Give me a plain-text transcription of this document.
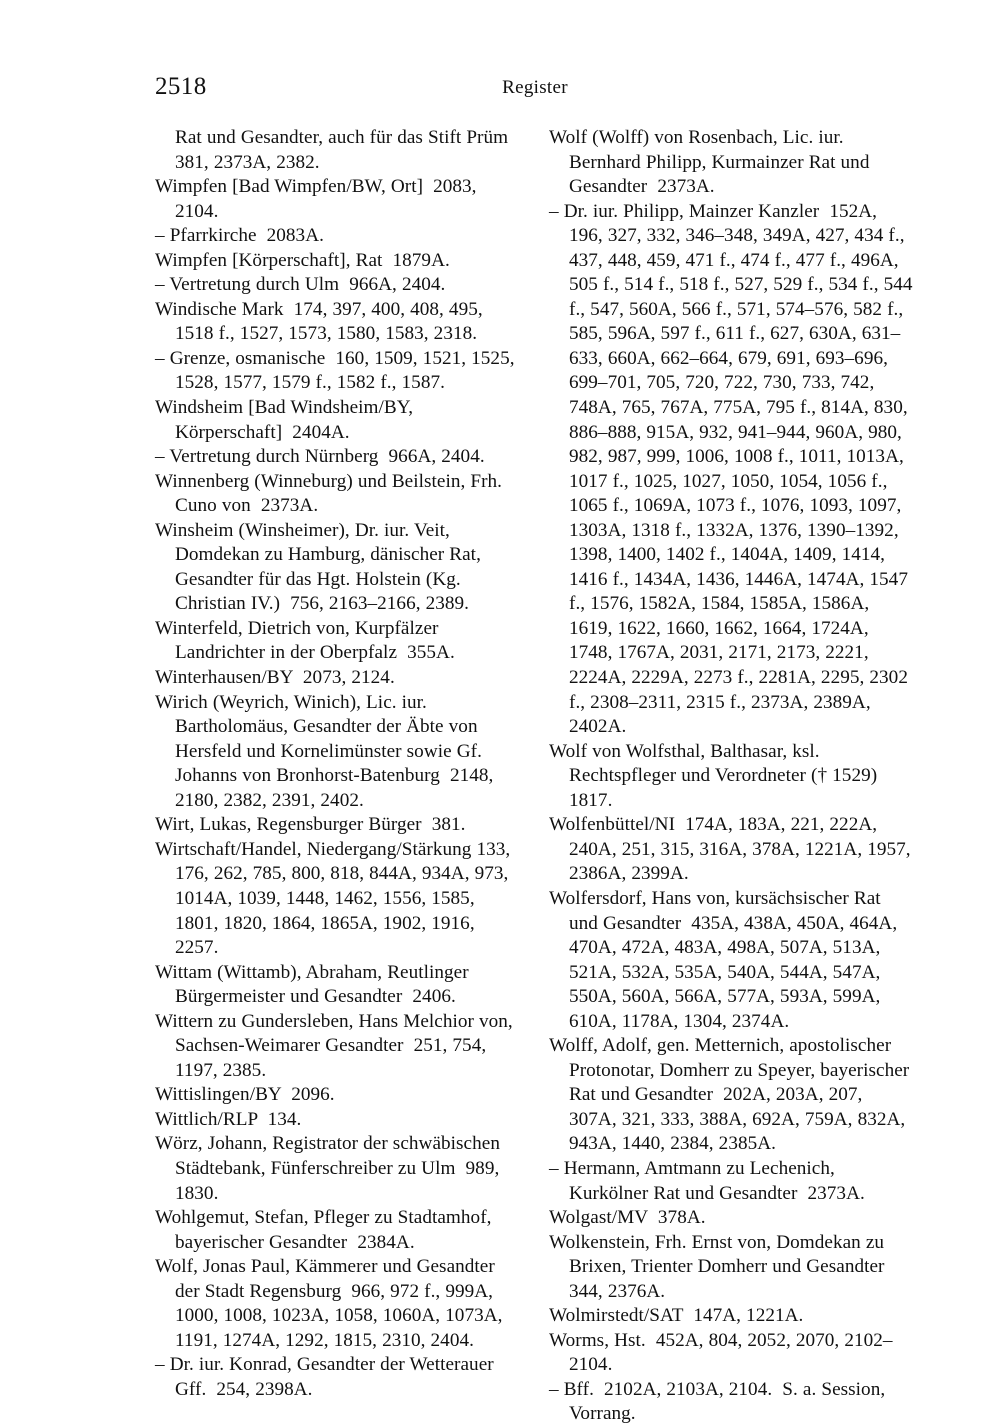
2518	Register

Rat und Gesandter, auch für das Stift Prüm 381, 2373A, 2382.

Wimpfen [Bad Wimpfen/BW, Ort]  2083, 2104.

– Pfarrkirche  2083A.

Wimpfen [Körperschaft], Rat  1879A.

– Vertretung durch Ulm  966A, 2404.

Windische Mark  174, 397, 400, 408, 495, 1518 f., 1527, 1573, 1580, 1583, 2318.

– Grenze, osmanische  160, 1509, 1521, 1525, 1528, 1577, 1579 f., 1582 f., 1587.

Windsheim [Bad Windsheim/BY, Körperschaft]  2404A.

– Vertretung durch Nürnberg  966A, 2404.

Winnenberg (Winneburg) und Beilstein, Frh. Cuno von  2373A.

Winsheim (Winsheimer), Dr. iur. Veit, Domdekan zu Hamburg, dänischer Rat, Gesandter für das Hgt. Holstein (Kg. Christian IV.)  756, 2163–2166, 2389.

Winterfeld, Dietrich von, Kurpfälzer Landrichter in der Oberpfalz  355A.

Winterhausen/BY  2073, 2124.

Wirich (Weyrich, Winich), Lic. iur. Bartholomäus, Gesandter der Äbte von Hersfeld und Kornelimünster sowie Gf. Johanns von Bronhorst-Batenburg  2148, 2180, 2382, 2391, 2402.

Wirt, Lukas, Regensburger Bürger  381.

Wirtschaft/Handel, Niedergang/Stärkung 133, 176, 262, 785, 800, 818, 844A, 934A, 973, 1014A, 1039, 1448, 1462, 1556, 1585, 1801, 1820, 1864, 1865A, 1902, 1916, 2257.

Wittam (Wittamb), Abraham, Reutlinger Bürgermeister und Gesandter  2406.

Wittern zu Gundersleben, Hans Melchior von, Sachsen-Weimarer Gesandter  251, 754, 1197, 2385.

Wittislingen/BY  2096.

Wittlich/RLP  134.

Wörz, Johann, Registrator der schwäbischen Städtebank, Fünferschreiber zu Ulm  989, 1830.

Wohlgemut, Stefan, Pfleger zu Stadtamhof, bayerischer Gesandter  2384A.

Wolf, Jonas Paul, Kämmerer und Gesandter der Stadt Regensburg  966, 972 f., 999A, 1000, 1008, 1023A, 1058, 1060A, 1073A, 1191, 1274A, 1292, 1815, 2310, 2404.

– Dr. iur. Konrad, Gesandter der Wetterauer Gff.  254, 2398A.

Wolf (Wolff) von Rosenbach, Lic. iur. Bernhard Philipp, Kurmainzer Rat und Gesandter  2373A.

– Dr. iur. Philipp, Mainzer Kanzler  152A, 196, 327, 332, 346–348, 349A, 427, 434 f., 437, 448, 459, 471 f., 474 f., 477 f., 496A, 505 f., 514 f., 518 f., 527, 529 f., 534 f., 544 f., 547, 560A, 566 f., 571, 574–576, 582 f., 585, 596A, 597 f., 611 f., 627, 630A, 631–633, 660A, 662–664, 679, 691, 693–696, 699–701, 705, 720, 722, 730, 733, 742, 748A, 765, 767A, 775A, 795 f., 814A, 830, 886–888, 915A, 932, 941–944, 960A, 980, 982, 987, 999, 1006, 1008 f., 1011, 1013A, 1017 f., 1025, 1027, 1050, 1054, 1056 f., 1065 f., 1069A, 1073 f., 1076, 1093, 1097, 1303A, 1318 f., 1332A, 1376, 1390–1392, 1398, 1400, 1402 f., 1404A, 1409, 1414, 1416 f., 1434A, 1436, 1446A, 1474A, 1547 f., 1576, 1582A, 1584, 1585A, 1586A, 1619, 1622, 1660, 1662, 1664, 1724A, 1748, 1767A, 2031, 2171, 2173, 2221, 2224A, 2229A, 2273 f., 2281A, 2295, 2302 f., 2308–2311, 2315 f., 2373A, 2389A, 2402A.

Wolf von Wolfsthal, Balthasar, ksl. Rechtspfleger und Verordneter († 1529)  1817.

Wolfenbüttel/NI  174A, 183A, 221, 222A, 240A, 251, 315, 316A, 378A, 1221A, 1957, 2386A, 2399A.

Wolfersdorf, Hans von, kursächsischer Rat und Gesandter  435A, 438A, 450A, 464A, 470A, 472A, 483A, 498A, 507A, 513A, 521A, 532A, 535A, 540A, 544A, 547A, 550A, 560A, 566A, 577A, 593A, 599A, 610A, 1178A, 1304, 2374A.

Wolff, Adolf, gen. Metternich, apostolischer Protonotar, Domherr zu Speyer, bayerischer Rat und Gesandter  202A, 203A, 207, 307A, 321, 333, 388A, 692A, 759A, 832A, 943A, 1440, 2384, 2385A.

– Hermann, Amtmann zu Lechenich, Kurkölner Rat und Gesandter  2373A.

Wolgast/MV  378A.

Wolkenstein, Frh. Ernst von, Domdekan zu Brixen, Trienter Domherr und Gesandter 344, 2376A.

Wolmirstedt/SAT  147A, 1221A.

Worms, Hst.  452A, 804, 2052, 2070, 2102–2104.

– Bff.  2102A, 2103A, 2104.  S. a. Session, Vorrang.
